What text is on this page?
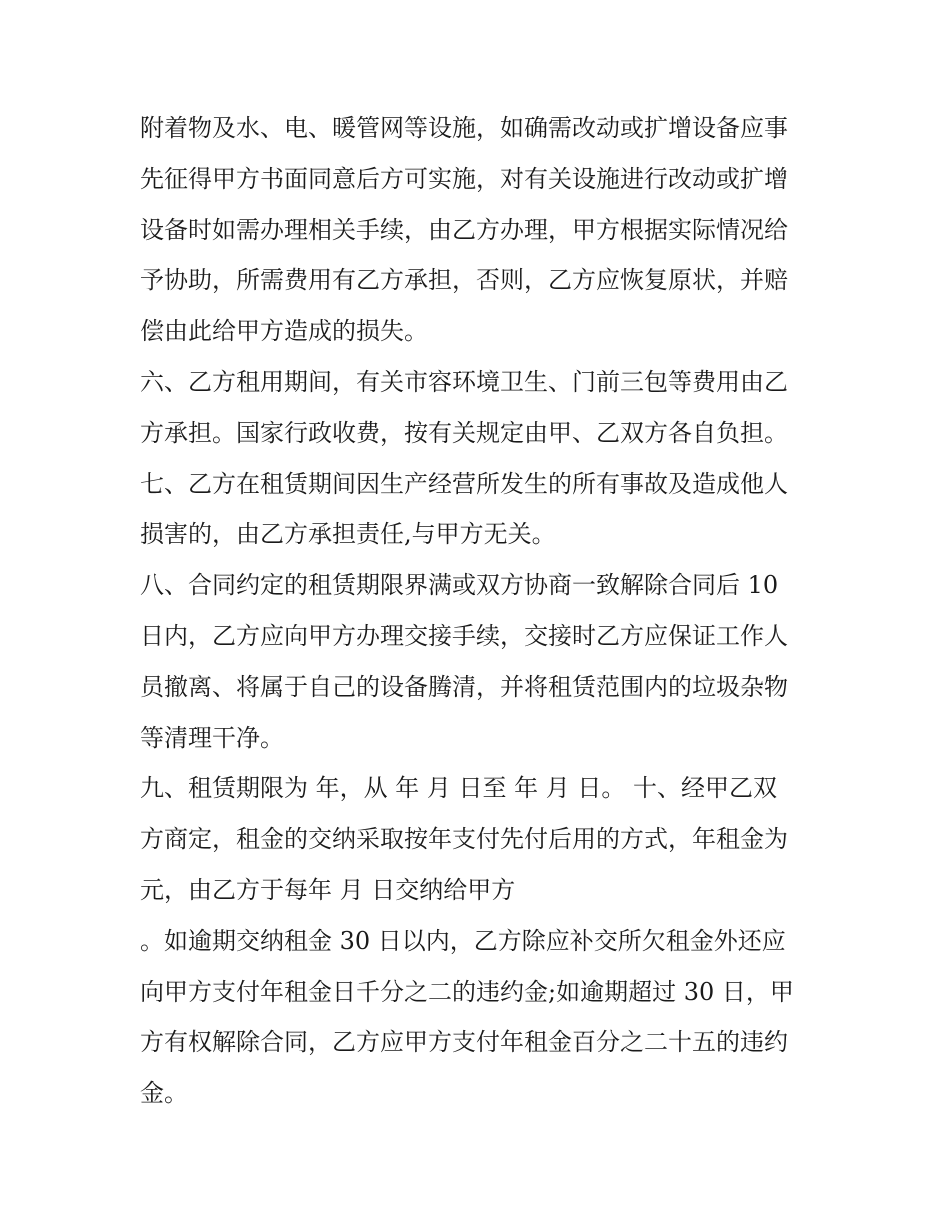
附着物及水、电、暖管网等设施，如确需改动或扩增设备应事

先征得甲方书面同意后方可实施，对有关设施进行改动或扩增

设备时如需办理相关手续，由乙方办理，甲方根据实际情况给

予协助，所需费用有乙方承担，否则，乙方应恢复原状，并赔

偿由此给甲方造成的损失。

六、乙方租用期间，有关市容环境卫生、门前三包等费用由乙

方承担。国家行政收费，按有关规定由甲、乙双方各自负担。

七、乙方在租赁期间因生产经营所发生的所有事故及造成他人

损害的，由乙方承担责任,与甲方无关。

八、合同约定的租赁期限界满或双方协商一致解除合同后 10

日内，乙方应向甲方办理交接手续，交接时乙方应保证工作人

员撤离、将属于自己的设备腾清，并将租赁范围内的垃圾杂物

等清理干净。

九、租赁期限为 年，从 年 月 日至 年 月 日。 十、经甲乙双

方商定，租金的交纳采取按年支付先付后用的方式，年租金为

元，由乙方于每年 月 日交纳给甲方

。如逾期交纳租金 30 日以内，乙方除应补交所欠租金外还应

向甲方支付年租金日千分之二的违约金;如逾期超过 30 日，甲

方有权解除合同，乙方应甲方支付年租金百分之二十五的违约

金。
